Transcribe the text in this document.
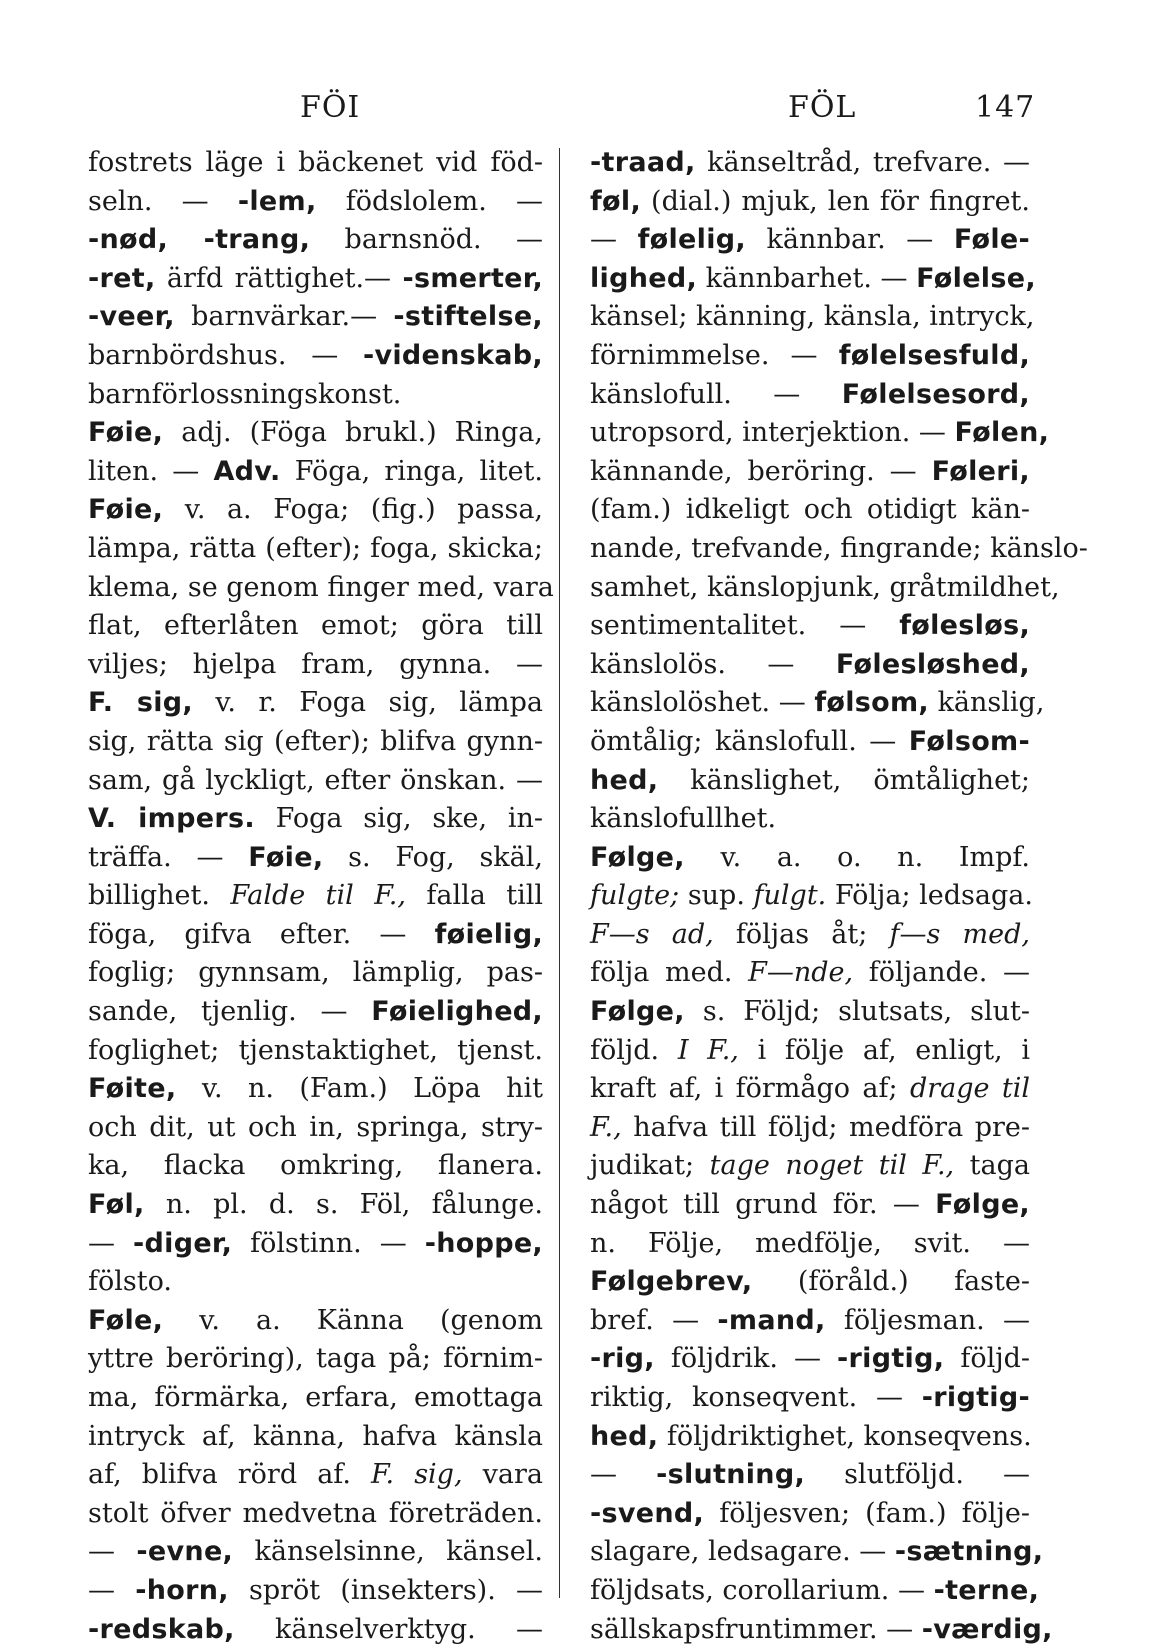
FÖI	FÖL	147
fostrets läge i bäckenet vid föd-
seln. — -lem, födslolem. —
-nød, -trang, barnsnöd. —
-ret, ärfd rättighet.— -smerter,
-veer, barnvärkar.— -stiftelse,
barnbördshus. — -videnskab,
barnförlossningskonst.
Føie, adj. (Föga brukl.) Ringa,
liten. — Adv. Föga, ringa, litet.
Føie, v. a. Foga; (fig.) passa,
lämpa, rätta (efter); foga, skicka;
klema, se genom finger med, vara
flat, efterlåten emot; göra till
viljes; hjelpa fram, gynna. —
F. sig, v. r. Foga sig, lämpa
sig, rätta sig (efter); blifva gynn-
sam, gå lyckligt, efter önskan. —
V. impers. Foga sig, ske, in-
träffa. — Føie, s. Fog, skäl,
billighet. Falde til F., falla till
föga, gifva efter. — føielig,
foglig; gynnsam, lämplig, pas-
sande, tjenlig. — Føielighed,
foglighet; tjenstaktighet, tjenst.
Føite, v. n. (Fam.) Löpa hit
och dit, ut och in, springa, stry-
ka, flacka omkring, flanera.
Føl, n. pl. d. s. Föl, fålunge.
— -diger, fölstinn. — -hoppe,
fölsto.
Føle, v. a. Känna (genom
yttre beröring), taga på; förnim-
ma, förmärka, erfara, emottaga
intryck af, känna, hafva känsla
af, blifva rörd af. F. sig, vara
stolt öfver medvetna företräden.
— -evne, känselsinne, känsel.
— -horn, spröt (insekters). —
-redskab, känselverktyg. —
-traad, känseltråd, trefvare. —
føl, (dial.) mjuk, len för fingret.
— følelig, kännbar. — Føle-
lighed, kännbarhet. — Følelse,
känsel; känning, känsla, intryck,
förnimmelse. — følelsesfuld,
känslofull. — Følelsesord,
utropsord, interjektion. — Følen,
kännande, beröring. — Føleri,
(fam.) idkeligt och otidigt kän-
nande, trefvande, fingrande; känslo-
samhet, känslopjunk, gråtmildhet,
sentimentalitet. — følesløs,
känslolös. — Følesløshed,
känslolöshet. — følsom, känslig,
ömtålig; känslofull. — Følsom-
hed, känslighet, ömtålighet;
känslofullhet.
Følge, v. a. o. n. Impf.
fulgte; sup. fulgt. Följa; ledsaga.
F—s ad, följas åt; f—s med,
följa med. F—nde, följande. —
Følge, s. Följd; slutsats, slut-
följd. I F., i följe af, enligt, i
kraft af, i förmågo af; drage til
F., hafva till följd; medföra pre-
judikat; tage noget til F., taga
något till grund för. — Følge,
n. Följe, medfölje, svit. —
Følgebrev, (föråld.) faste-
bref. — -mand, följesman. —
-rig, följdrik. — -rigtig, följd-
riktig, konseqvent. — -rigtig-
hed, följdriktighet, konseqvens.
— -slutning, slutföljd. —
-svend, följesven; (fam.) följe-
slagare, ledsagare. — -sætning,
följdsats, corollarium. — -terne,
sällskapsfruntimmer. — -værdig,
